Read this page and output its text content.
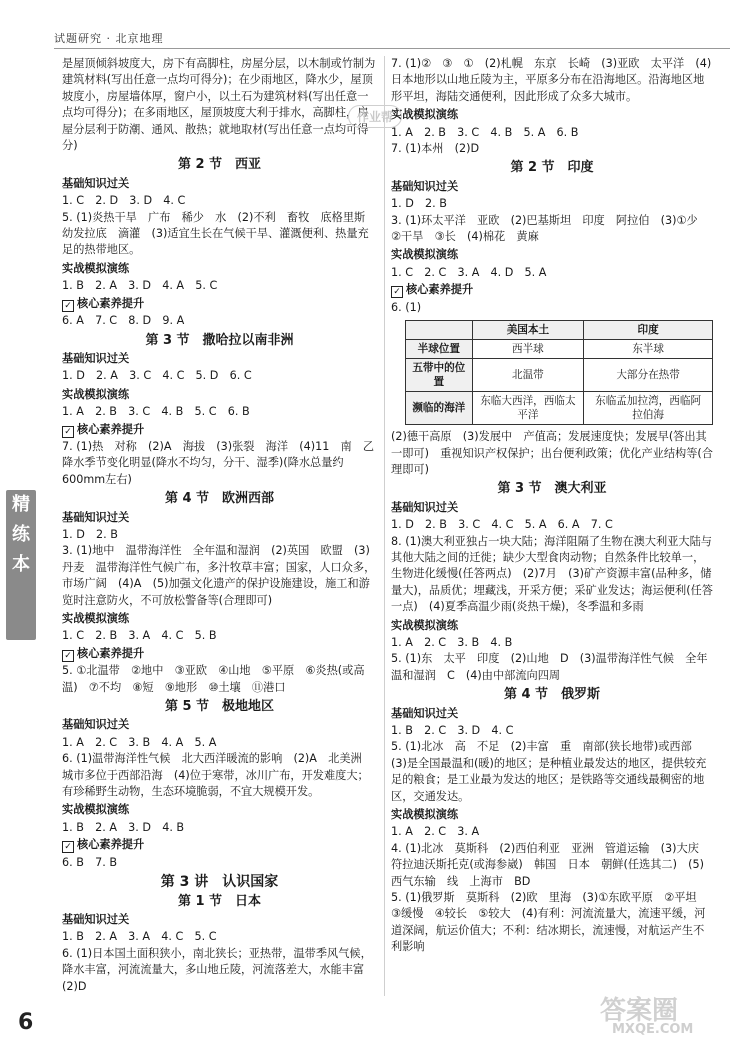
试题研究 · 北京地理
精
练
本

是屋顶倾斜坡度大，房下有高脚柱，房屋分层，以木制或竹制为建筑材料(写出任意一点均可得分)；在少雨地区，降水少，屋顶坡度小，房屋墙体厚，窗户小，以土石为建筑材料(写出任意一点均可得分)；在多雨地区，屋顶坡度大利于排水，高脚柱，房屋分层利于防潮、通风、散热；就地取材(写出任意一点均可得分)

第 2 节　西亚

基础知识过关

1. C　2. D　3. D　4. C

5. (1)炎热干旱　广布　稀少　水　(2)不利　畜牧　底格里斯　幼发拉底　滴灌　(3)适宜生长在气候干旱、灌溉便利、热量充足的热带地区。

实战模拟演练

1. B　2. A　3. D　4. A　5. C

✓ 核心素养提升

6. A　7. C　8. D　9. A

第 3 节　撒哈拉以南非洲

基础知识过关

1. D　2. A　3. C　4. C　5. D　6. C

实战模拟演练

1. A　2. B　3. C　4. B　5. C　6. B

✓ 核心素养提升

7. (1)热　对称　(2)A　海拔　(3)张裂　海洋　(4)11　南　乙　降水季节变化明显(降水不均匀，分干、湿季)(降水总量约600mm左右)

第 4 节　欧洲西部

基础知识过关

1. D　2. B

3. (1)地中　温带海洋性　全年温和湿润　(2)英国　欧盟　(3)丹麦　温带海洋性气候广布，多汁牧草丰富；国家，人口众多，市场广阔　(4)A　(5)加强文化遗产的保护设施建设，施工和游览时注意防火，不可放松警备等(合理即可)

实战模拟演练

1. C　2. B　3. A　4. C　5. B

✓ 核心素养提升

5. ①北温带　②地中　③亚欧　④山地　⑤平原　⑥炎热(或高温)　⑦不均　⑧短　⑨地形　⑩土壤　⑪港口

第 5 节　极地地区

基础知识过关

1. A　2. C　3. B　4. A　5. A

6. (1)温带海洋性气候　北大西洋暖流的影响　(2)A　北美洲　城市多位于西部沿海　(4)位于寒带，冰川广布，开发难度大；有珍稀野生动物，生态环境脆弱，不宜大规模开发。

实战模拟演练

1. B　2. A　3. D　4. B

✓ 核心素养提升

6. B　7. B

第 3 讲　认识国家

第 1 节　日本

基础知识过关

1. B　2. A　3. A　4. C　5. C

6. (1)日本国土面积狭小，南北狭长；亚热带，温带季风气候，降水丰富，河流流量大，多山地丘陵，河流落差大，水能丰富　(2)D

7. (1)②　③　①　(2)札幌　东京　长崎　(3)亚欧　太平洋　(4)日本地形以山地丘陵为主，平原多分布在沿海地区。沿海地区地形平坦，海陆交通便利，因此形成了众多大城市。

实战模拟演练

1. A　2. B　3. C　4. B　5. A　6. B

7. (1)本州　(2)D

第 2 节　印度

基础知识过关

1. D　2. B

3. (1)环太平洋　亚欧　(2)巴基斯坦　印度　阿拉伯　(3)①少　②干旱　③长　(4)棉花　黄麻

实战模拟演练

1. C　2. C　3. A　4. D　5. A

✓ 核心素养提升

6. (1)

	美国本土	印度
半球位置	西半球	东半球
五带中的位置	北温带	大部分在热带
濒临的海洋	东临大西洋，西临太平洋	东临孟加拉湾，西临阿拉伯海

(2)德干高原　(3)发展中　产值高；发展速度快；发展早(答出其一即可)　重视知识产权保护；出台便利政策；优化产业结构等(合理即可)

第 3 节　澳大利亚

基础知识过关

1. D　2. B　3. C　4. C　5. A　6. A　7. C

8. (1)澳大利亚独占一块大陆；海洋阻隔了生物在澳大利亚大陆与其他大陆之间的迁徙；缺少大型食肉动物；自然条件比较单一，生物进化缓慢(任答两点)　(2)7月　(3)矿产资源丰富(品种多，储量大)，品质优；埋藏浅，开采方便；采矿业发达；海运便利(任答一点)　(4)夏季高温少雨(炎热干燥)，冬季温和多雨

实战模拟演练

1. A　2. C　3. B　4. B

5. (1)东　太平　印度　(2)山地　D　(3)温带海洋性气候　全年温和湿润　C　(4)由中部流向四周

第 4 节　俄罗斯

基础知识过关

1. B　2. C　3. D　4. C

5. (1)北冰　高　不足　(2)丰富　重　南部(狭长地带)或西部　(3)是全国最温和(暖)的地区；是种植业最发达的地区，提供较充足的粮食；是工业最为发达的地区；是铁路等交通线最稠密的地区，交通发达。

实战模拟演练

1. A　2. C　3. A

4. (1)北冰　莫斯科　(2)西伯利亚　亚洲　管道运输　(3)大庆　符拉迪沃斯托克(或海参崴)　韩国　日本　朝鲜(任选其二)　(5)西气东输　线　上海市　BD

5. (1)俄罗斯　莫斯科　(2)欧　里海　(3)①东欧平原　②平坦　③缓慢　④较长　⑤较大　(4)有利：河流流量大，流速平缓，河道深阔，航运价值大；不利：结冰期长，流速慢，对航运产生不利影响

6
作业帮
答案圈
MXQE.COM
